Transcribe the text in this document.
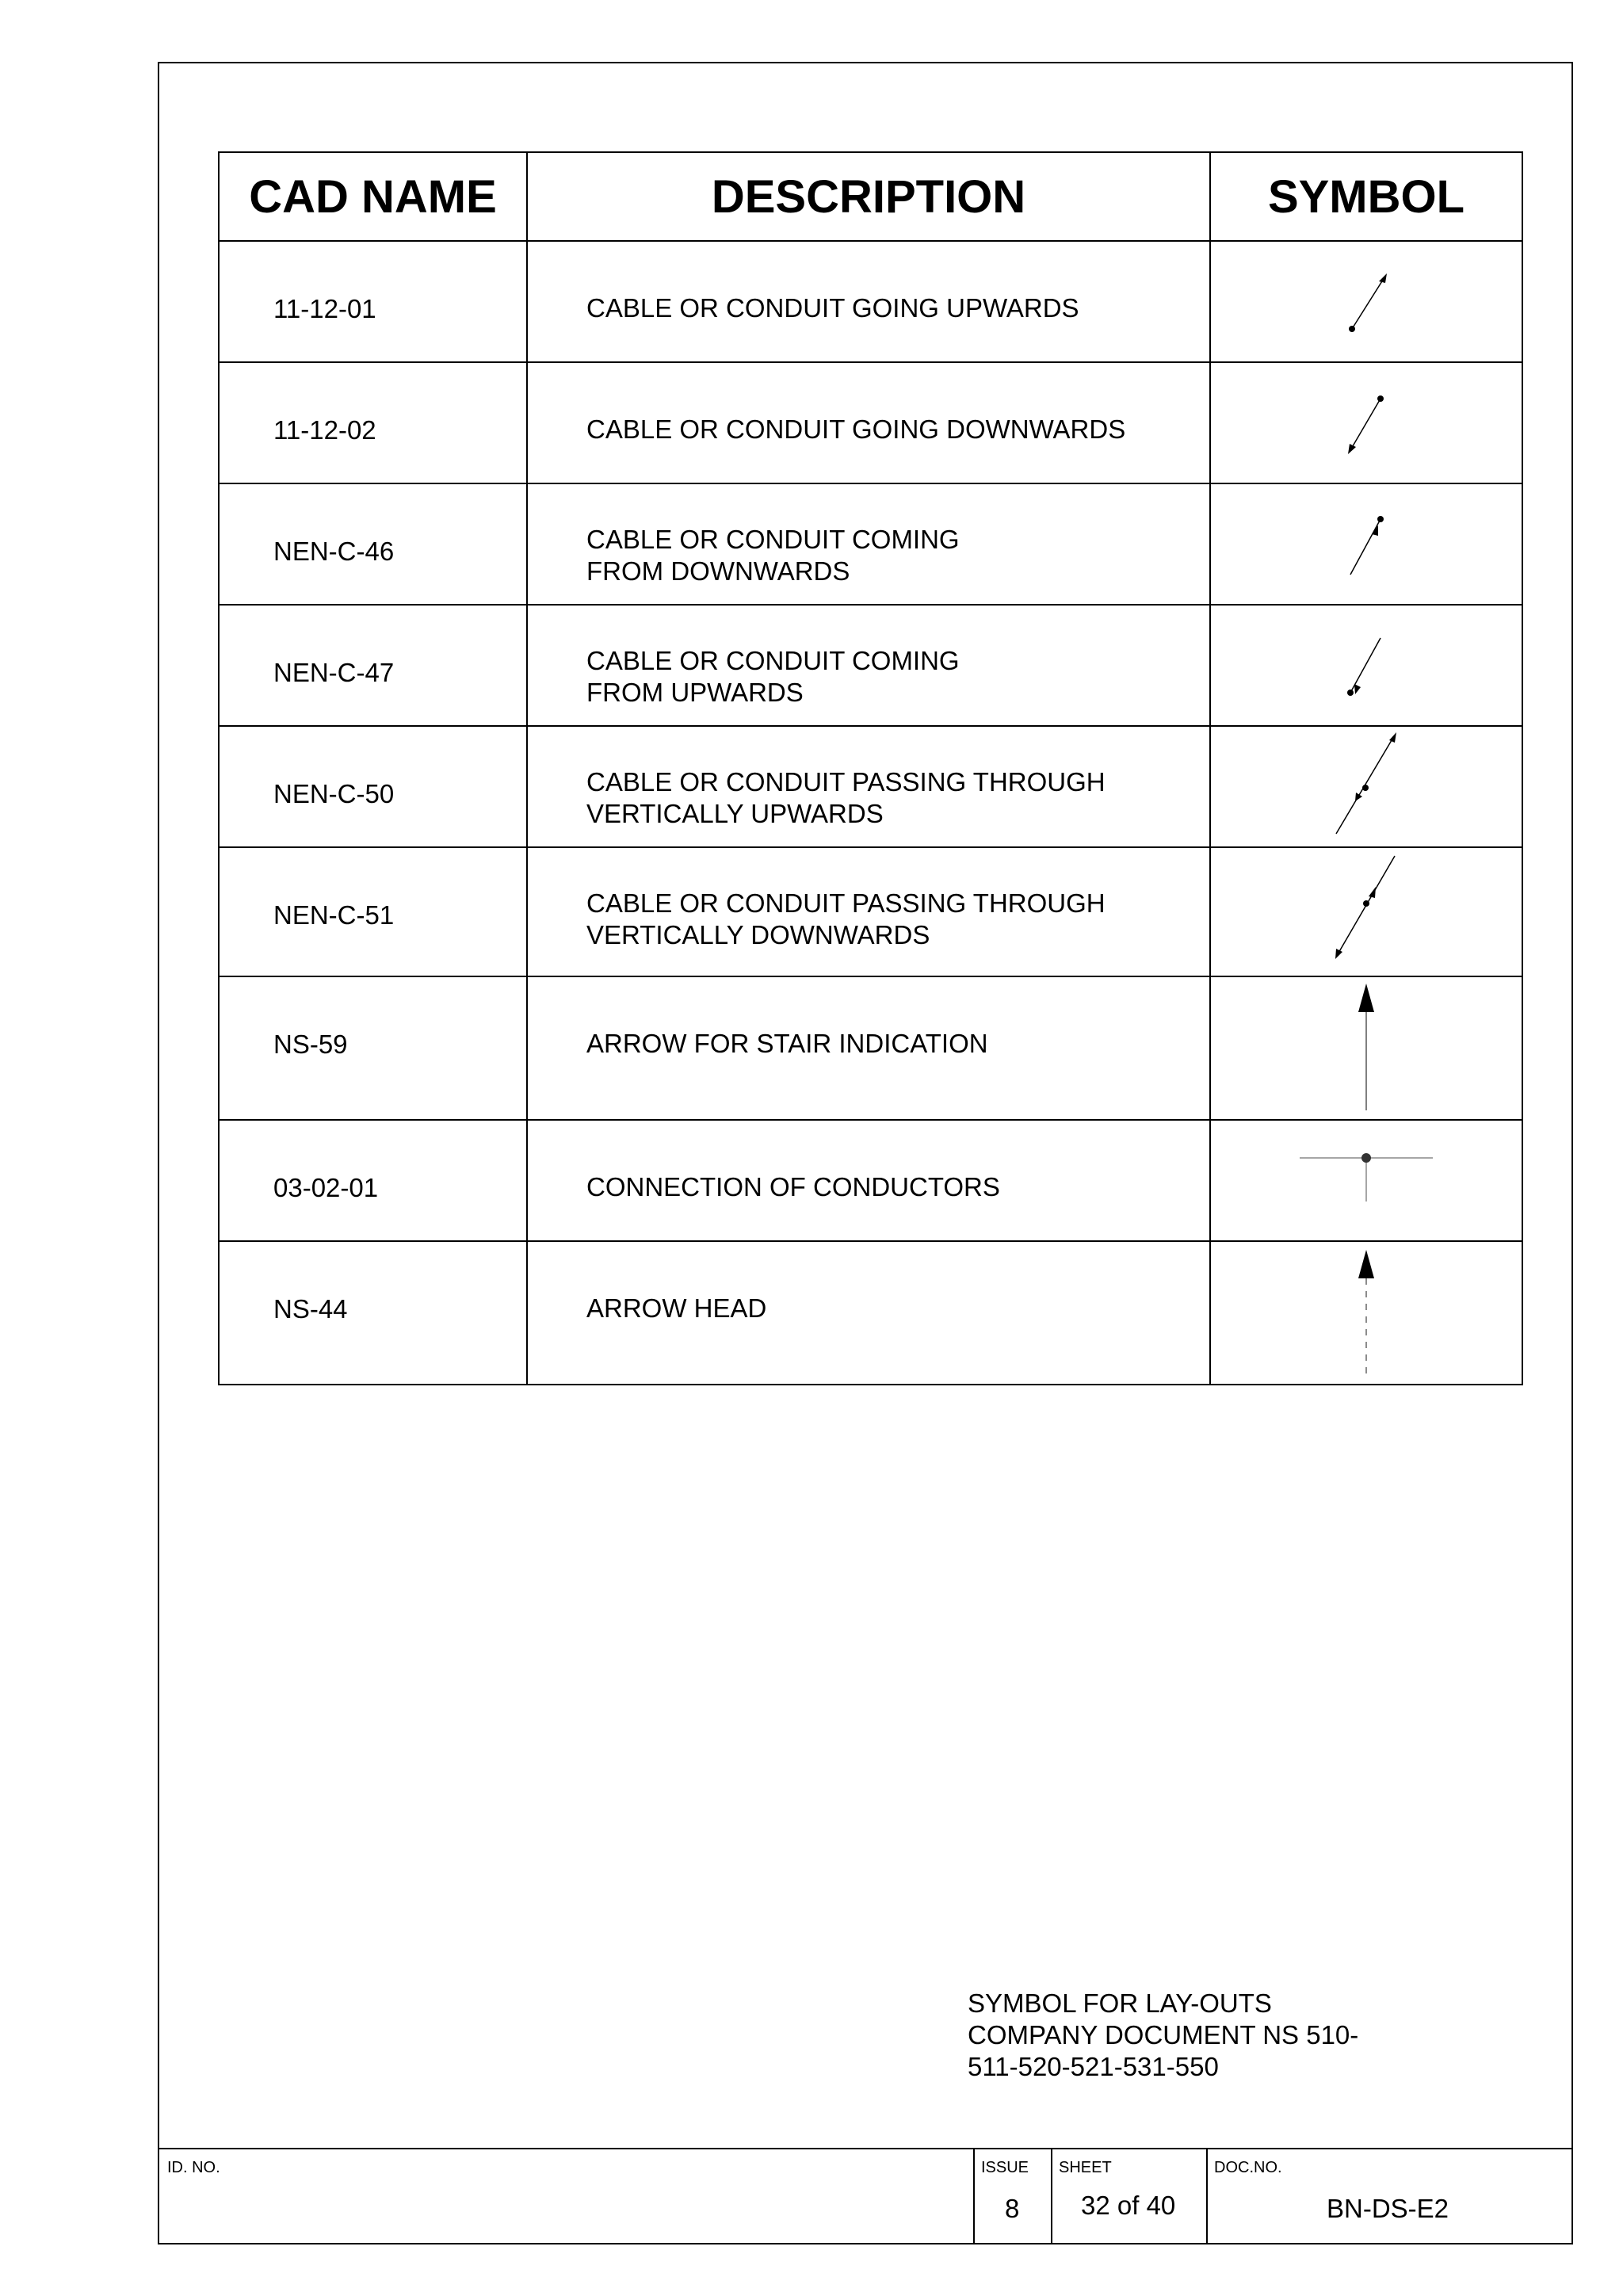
CAD NAME	DESCRIPTION	SYMBOL
11-12-01	CABLE OR CONDUIT GOING UPWARDS

11-12-02	CABLE OR CONDUIT GOING DOWNWARDS

NEN-C-46	CABLE OR CONDUIT COMING
FROM DOWNWARDS

NEN-C-47	CABLE OR CONDUIT COMING
FROM UPWARDS

NEN-C-50	CABLE OR CONDUIT PASSING THROUGH
VERTICALLY UPWARDS

NEN-C-51	CABLE OR CONDUIT PASSING THROUGH
VERTICALLY DOWNWARDS

NS-59	ARROW FOR STAIR INDICATION

03-02-01	CONNECTION OF CONDUCTORS

NS-44	ARROW HEAD

SYMBOL FOR LAY-OUTS
COMPANY DOCUMENT NS 510-
511-520-521-531-550
ID. NO.	ISSUE
8
SHEET
32 of 40
DOC.NO.
BN-DS-E2
